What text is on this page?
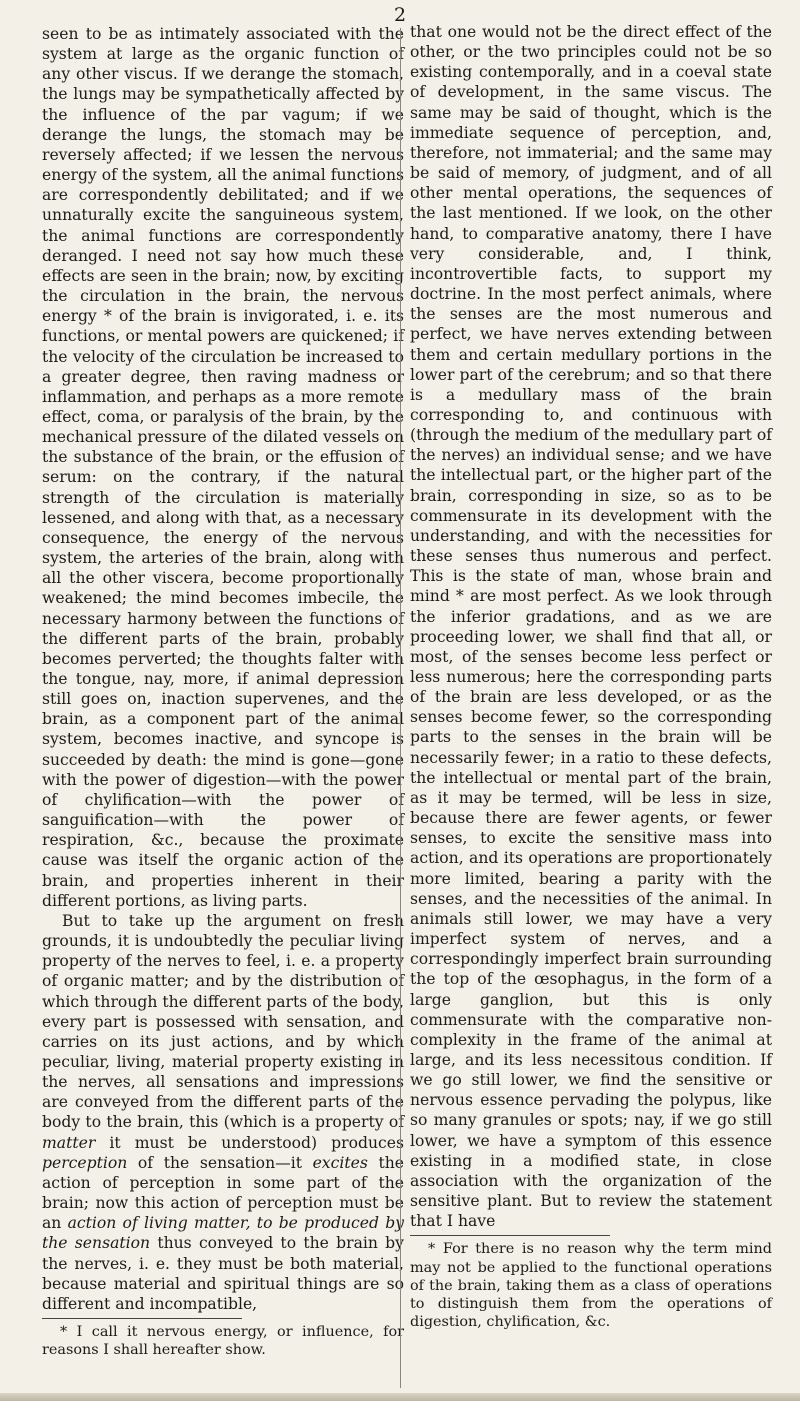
2

seen to be as intimately associated with the system at large as the organic function of any other viscus. If we derange the stomach, the lungs may be sympathetically affected by the influence of the par vagum; if we derange the lungs, the stomach may be reversely affected; if we lessen the nervous energy of the system, all the animal functions are correspondently debilitated; and if we unnaturally excite the sanguineous system, the animal functions are correspondently deranged. I need not say how much these effects are seen in the brain; now, by exciting the circulation in the brain, the nervous energy * of the brain is invigorated, i. e. its functions, or mental powers are quickened; if the velocity of the circulation be increased to a greater degree, then raving madness or inflammation, and perhaps as a more remote effect, coma, or paralysis of the brain, by the mechanical pressure of the dilated vessels on the substance of the brain, or the effusion of serum: on the contrary, if the natural strength of the circulation is materially lessened, and along with that, as a necessary consequence, the energy of the nervous system, the arteries of the brain, along with all the other viscera, become proportionally weakened; the mind becomes imbecile, the necessary harmony between the functions of the different parts of the brain, probably becomes perverted; the thoughts falter with the tongue, nay, more, if animal depression still goes on, inaction supervenes, and the brain, as a component part of the animal system, becomes inactive, and syncope is succeeded by death: the mind is gone—gone with the power of digestion—with the power of chylification—with the power of sanguification—with the power of respiration, &c., because the proximate cause was itself the organic action of the brain, and properties inherent in their different portions, as living parts.

But to take up the argument on fresh grounds, it is undoubtedly the peculiar living property of the nerves to feel, i. e. a property of organic matter; and by the distribution of which through the different parts of the body, every part is possessed with sensation, and carries on its just actions, and by which peculiar, living, material property existing in the nerves, all sensations and impressions are conveyed from the different parts of the body to the brain, this (which is a property of matter it must be understood) produces perception of the sensation—it excites the action of perception in some part of the brain; now this action of perception must be an action of living matter, to be produced by the sensation thus conveyed to the brain by the nerves, i. e. they must be both material, because material and spiritual things are so different and incompatible,

* I call it nervous energy, or influence, for reasons I shall hereafter show.

that one would not be the direct effect of the other, or the two principles could not be so existing contemporally, and in a coeval state of development, in the same viscus. The same may be said of thought, which is the immediate sequence of perception, and, therefore, not immaterial; and the same may be said of memory, of judgment, and of all other mental operations, the sequences of the last mentioned. If we look, on the other hand, to comparative anatomy, there I have very considerable, and, I think, incontrovertible facts, to support my doctrine. In the most perfect animals, where the senses are the most numerous and perfect, we have nerves extending between them and certain medullary portions in the lower part of the cerebrum; and so that there is a medullary mass of the brain corresponding to, and continuous with (through the medium of the medullary part of the nerves) an individual sense; and we have the intellectual part, or the higher part of the brain, corresponding in size, so as to be commensurate in its development with the understanding, and with the necessities for these senses thus numerous and perfect. This is the state of man, whose brain and mind * are most perfect. As we look through the inferior gradations, and as we are proceeding lower, we shall find that all, or most, of the senses become less perfect or less numerous; here the corresponding parts of the brain are less developed, or as the senses become fewer, so the corresponding parts to the senses in the brain will be necessarily fewer; in a ratio to these defects, the intellectual or mental part of the brain, as it may be termed, will be less in size, because there are fewer agents, or fewer senses, to excite the sensitive mass into action, and its operations are proportionately more limited, bearing a parity with the senses, and the necessities of the animal. In animals still lower, we may have a very imperfect system of nerves, and a correspondingly imperfect brain surrounding the top of the œsophagus, in the form of a large ganglion, but this is only commensurate with the comparative non-complexity in the frame of the animal at large, and its less necessitous condition. If we go still lower, we find the sensitive or nervous essence pervading the polypus, like so many granules or spots; nay, if we go still lower, we have a symptom of this essence existing in a modified state, in close association with the organization of the sensitive plant. But to review the statement that I have

* For there is no reason why the term mind may not be applied to the functional operations of the brain, taking them as a class of operations to distinguish them from the operations of digestion, chylification, &c.
